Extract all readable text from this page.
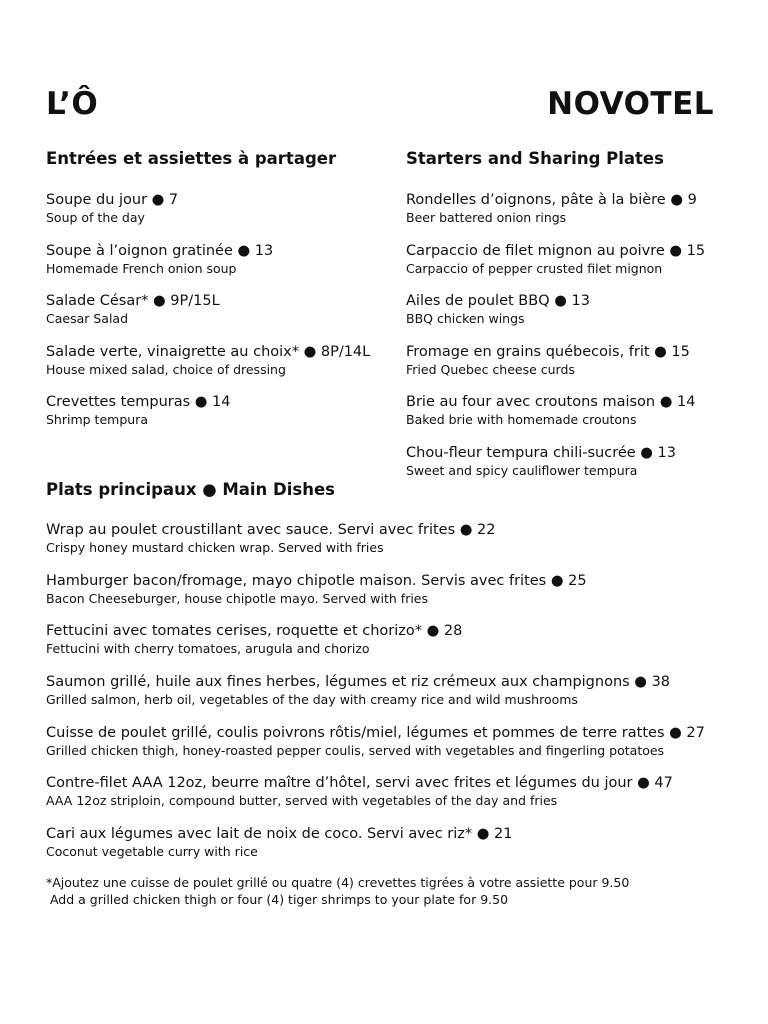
L’Ô	NOVOTEL
Entrées et assiettes à partager	Starters and Sharing Plates
Soupe du jour ● 7
Soup of the day
Soupe à l’oignon gratinée ● 13
Homemade French onion soup
Salade César* ● 9P/15L
Caesar Salad
Salade verte, vinaigrette au choix* ● 8P/14L
House mixed salad, choice of dressing
Crevettes tempuras ● 14
Shrimp tempura
Rondelles d’oignons, pâte à la bière ● 9
Beer battered onion rings
Carpaccio de filet mignon au poivre ● 15
Carpaccio of pepper crusted filet mignon
Ailes de poulet BBQ ● 13
BBQ chicken wings
Fromage en grains québecois, frit ● 15
Fried Quebec cheese curds
Brie au four avec croutons maison ● 14
Baked brie with homemade croutons
Chou-fleur tempura chili-sucrée ● 13
Sweet and spicy cauliflower tempura
Plats principaux ● Main Dishes
Wrap au poulet croustillant avec sauce. Servi avec frites ● 22
Crispy honey mustard chicken wrap. Served with fries
Hamburger bacon/fromage, mayo chipotle maison. Servis avec frites ● 25
Bacon Cheeseburger, house chipotle mayo. Served with fries
Fettucini avec tomates cerises, roquette et chorizo* ● 28
Fettucini with cherry tomatoes, arugula and chorizo
Saumon grillé, huile aux fines herbes, légumes et riz crémeux aux champignons ● 38
Grilled salmon, herb oil, vegetables of the day with creamy rice and wild mushrooms
Cuisse de poulet grillé, coulis poivrons rôtis/miel, légumes et pommes de terre rattes ● 27
Grilled chicken thigh, honey-roasted pepper coulis, served with vegetables and fingerling potatoes
Contre-filet AAA 12oz, beurre maître d’hôtel, servi avec frites et légumes du jour ● 47
AAA 12oz striploin, compound butter, served with vegetables of the day and fries
Cari aux légumes avec lait de noix de coco. Servi avec riz* ● 21
Coconut vegetable curry with rice
*Ajoutez une cuisse de poulet grillé ou quatre (4) crevettes tigrées à votre assiette pour 9.50
Add a grilled chicken thigh or four (4) tiger shrimps to your plate for 9.50
